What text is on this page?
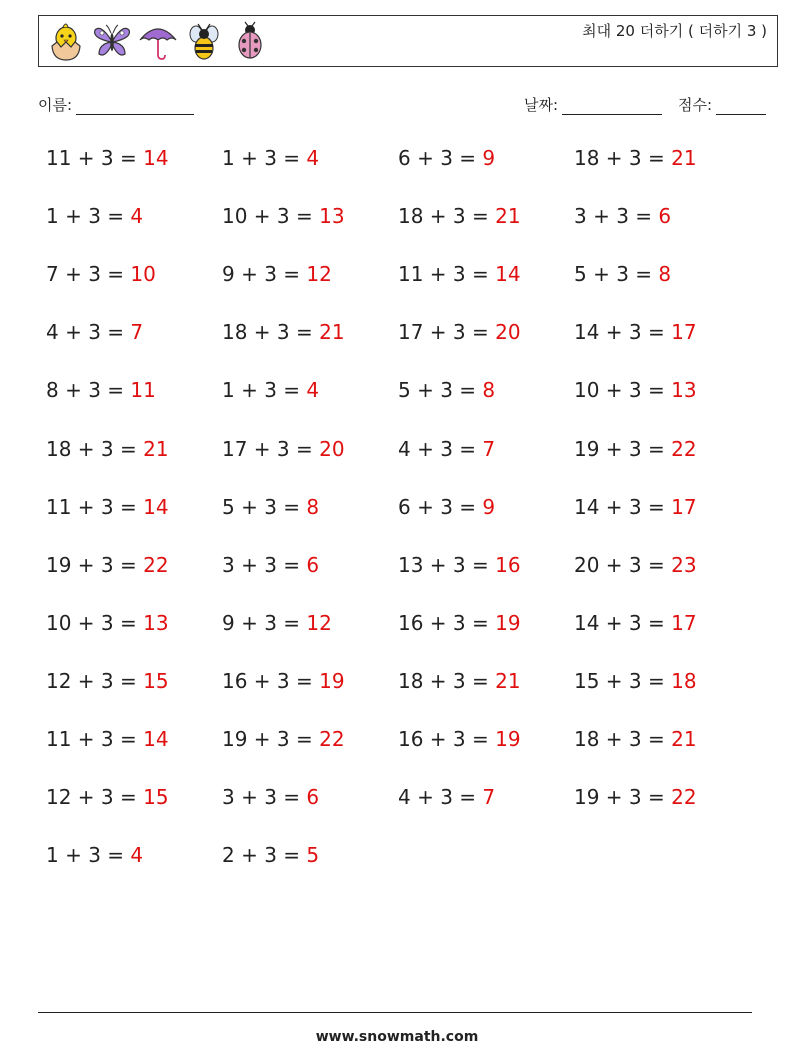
최대 20 더하기 ( 더하기 3 )
이름:	날짜:	점수:
11 + 3 = 14	1 + 3 = 4	6 + 3 = 9	18 + 3 = 21
1 + 3 = 4	10 + 3 = 13	18 + 3 = 21	3 + 3 = 6
7 + 3 = 10	9 + 3 = 12	11 + 3 = 14	5 + 3 = 8
4 + 3 = 7	18 + 3 = 21	17 + 3 = 20	14 + 3 = 17
8 + 3 = 11	1 + 3 = 4	5 + 3 = 8	10 + 3 = 13
18 + 3 = 21	17 + 3 = 20	4 + 3 = 7	19 + 3 = 22
11 + 3 = 14	5 + 3 = 8	6 + 3 = 9	14 + 3 = 17
19 + 3 = 22	3 + 3 = 6	13 + 3 = 16	20 + 3 = 23
10 + 3 = 13	9 + 3 = 12	16 + 3 = 19	14 + 3 = 17
12 + 3 = 15	16 + 3 = 19	18 + 3 = 21	15 + 3 = 18
11 + 3 = 14	19 + 3 = 22	16 + 3 = 19	18 + 3 = 21
12 + 3 = 15	3 + 3 = 6	4 + 3 = 7	19 + 3 = 22
1 + 3 = 4	2 + 3 = 5
www.snowmath.com
